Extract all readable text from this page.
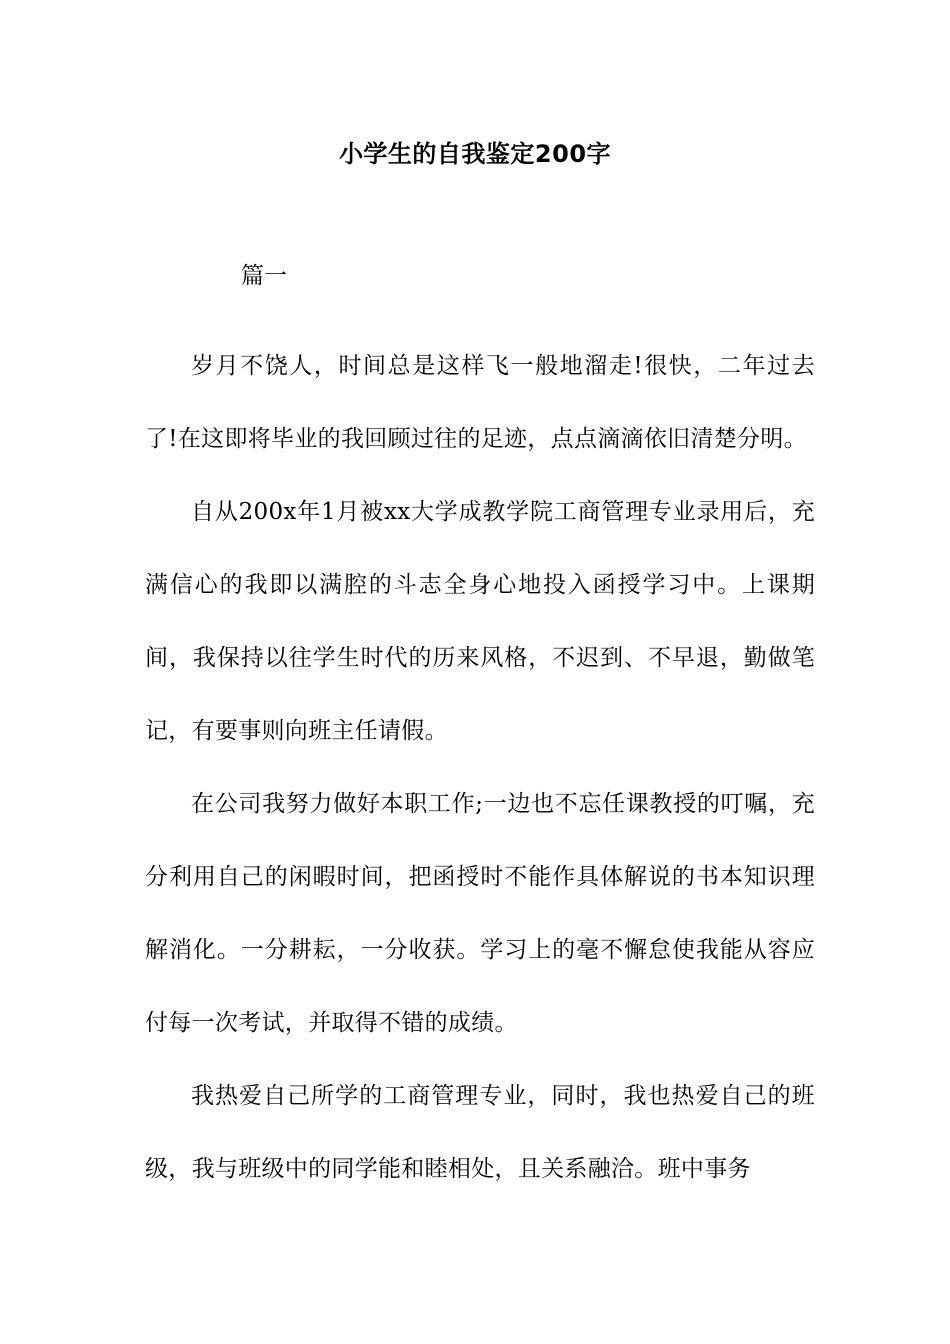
小学生的自我鉴定200字
篇一

岁月不饶人，时间总是这样飞一般地溜走!很快，二年过去了!在这即将毕业的我回顾过往的足迹，点点滴滴依旧清楚分明。

自从200x年1月被xx大学成教学院工商管理专业录用后，充满信心的我即以满腔的斗志全身心地投入函授学习中。上课期间，我保持以往学生时代的历来风格，不迟到、不早退，勤做笔记，有要事则向班主任请假。

在公司我努力做好本职工作;一边也不忘任课教授的叮嘱，充分利用自己的闲暇时间，把函授时不能作具体解说的书本知识理解消化。一分耕耘，一分收获。学习上的毫不懈怠使我能从容应付每一次考试，并取得不错的成绩。

我热爱自己所学的工商管理专业，同时，我也热爱自己的班级，我与班级中的同学能和睦相处，且关系融洽。班中事务
